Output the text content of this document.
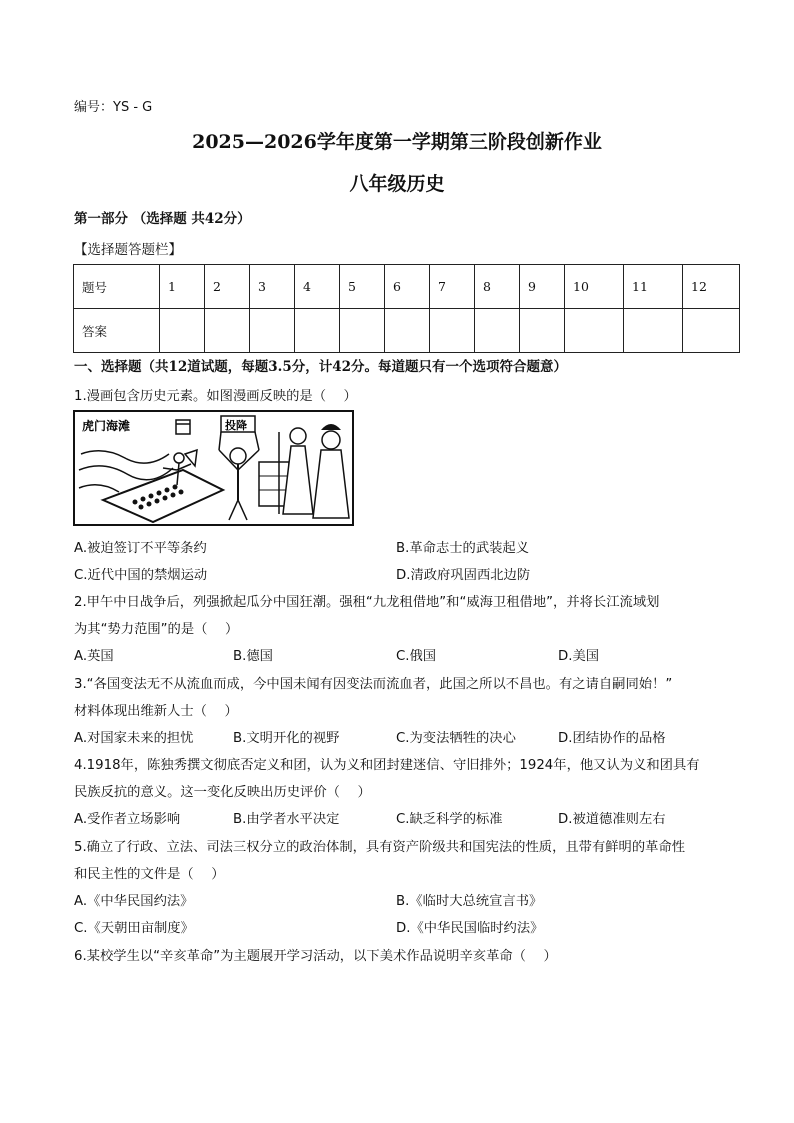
编号：YS - G
2025—2026学年度第一学期第三阶段创新作业
八年级历史
第一部分 （选择题 共42分）
【选择题答题栏】
题号	1	2	3	4	5	6	7	8	9	10	11	12
答案												
一、选择题（共12道试题，每题3.5分，计42分。每道题只有一个选项符合题意）
1.漫画包含历史元素。如图漫画反映的是（　 ）
虎门海滩	投降
A.被迫签订不平等条约	B.革命志士的武装起义
C.近代中国的禁烟运动	D.清政府巩固西北边防
2.甲午中日战争后，列强掀起瓜分中国狂潮。强租“九龙租借地”和“威海卫租借地”，并将长江流域划
为其“势力范围”的是（　 ）
A.英国	B.德国	C.俄国	D.美国
3.“各国变法无不从流血而成，今中国未闻有因变法而流血者，此国之所以不昌也。有之请自嗣同始！”
材料体现出维新人士（　 ）
A.对国家未来的担忧	B.文明开化的视野	C.为变法牺牲的决心	D.团结协作的品格
4.1918年，陈独秀撰文彻底否定义和团，认为义和团封建迷信、守旧排外；1924年，他又认为义和团具有
民族反抗的意义。这一变化反映出历史评价（　 ）
A.受作者立场影响	B.由学者水平决定	C.缺乏科学的标准	D.被道德准则左右
5.确立了行政、立法、司法三权分立的政治体制，具有资产阶级共和国宪法的性质，且带有鲜明的革命性
和民主性的文件是（　 ）
A.《中华民国约法》	B.《临时大总统宣言书》
C.《天朝田亩制度》	D.《中华民国临时约法》
6.某校学生以“辛亥革命”为主题展开学习活动，以下美术作品说明辛亥革命（　 ）
